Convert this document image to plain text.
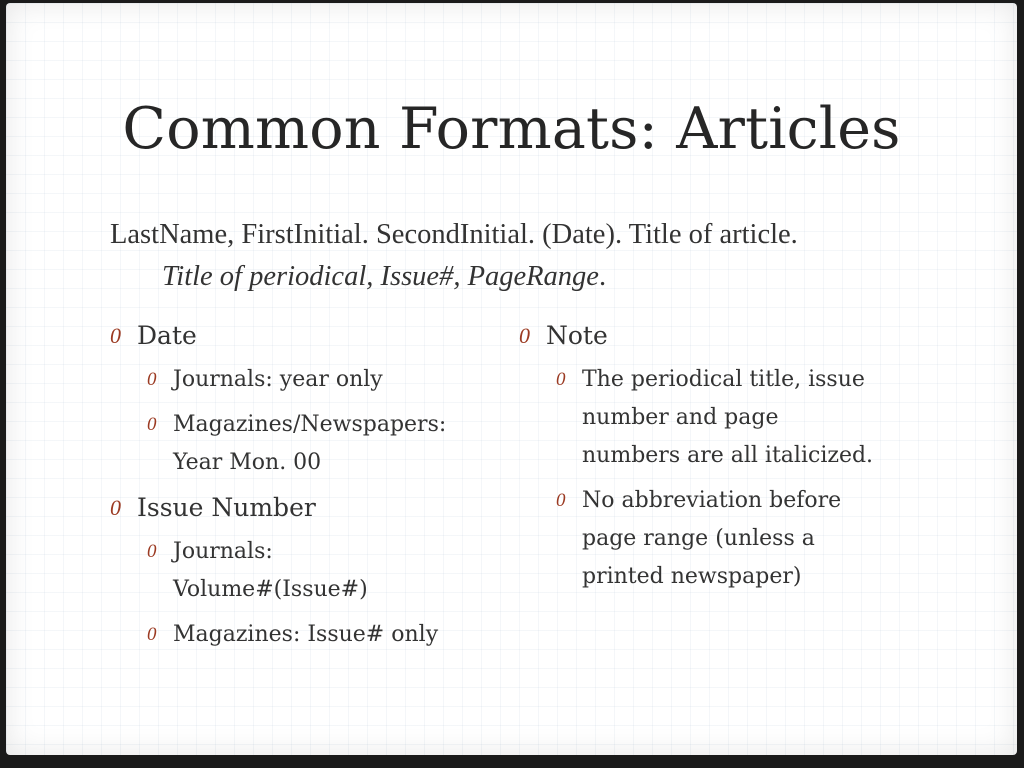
Common Formats: Articles
LastName, FirstInitial. SecondInitial. (Date). Title of article.
Title of periodical, Issue#, PageRange.
0 Date
0 Journals: year only
0 Magazines/Newspapers:
Year Mon. 00
0 Issue Number
0 Journals:
Volume#(Issue#)
0 Magazines: Issue# only
0 Note
0 The periodical title, issue
number and page
numbers are all italicized.
0 No abbreviation before
page range (unless a
printed newspaper)
